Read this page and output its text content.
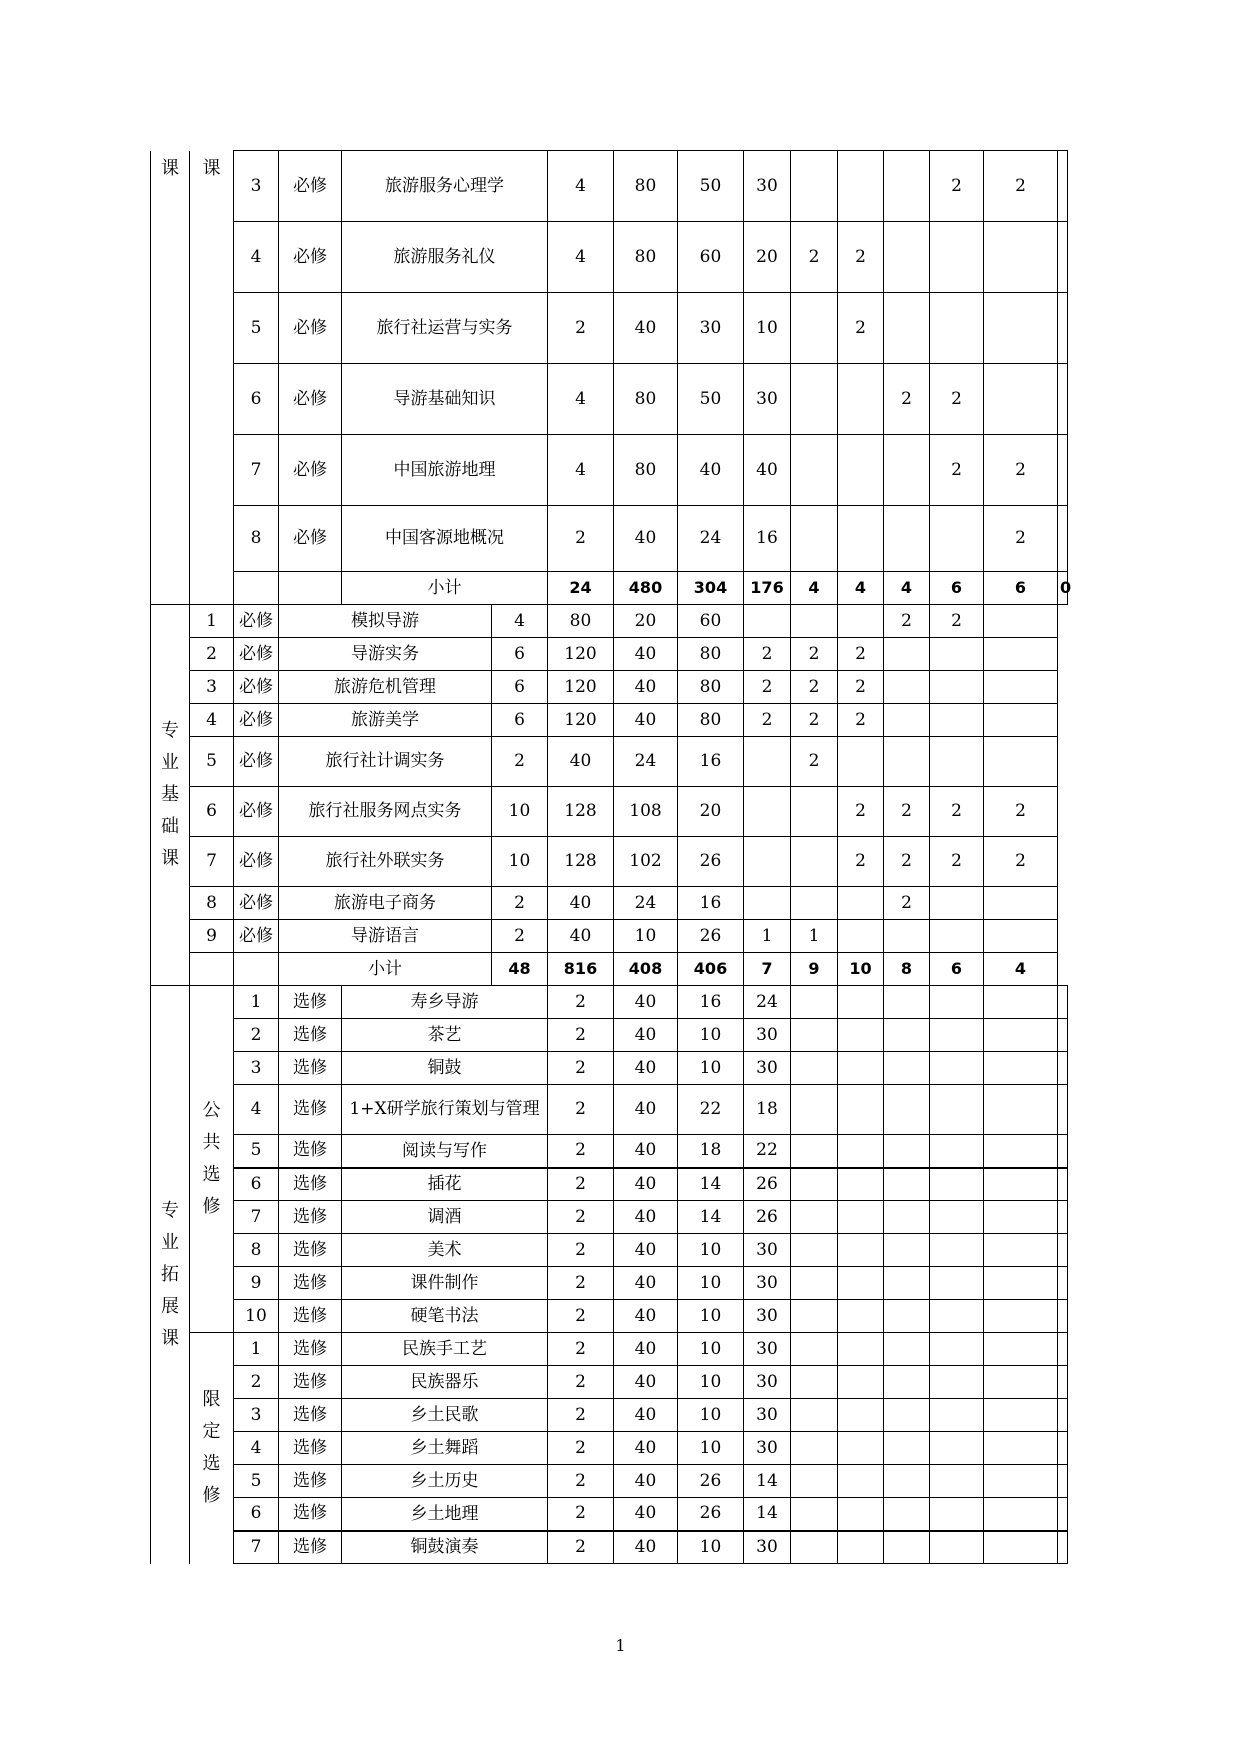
课	课	3	必修	旅游服务心理学		4	80	50	30				2	2	
		4	必修	旅游服务礼仪		4	80	60	20	2	2				
		5	必修	旅行社运营与实务		2	40	30	10		2				
		6	必修	导游基础知识		4	80	50	30			2	2		
		7	必修	中国旅游地理		4	80	40	40				2	2	
		8	必修	中国客源地概况		2	40	24	16					2	
				小计		24	480	304	176	4	4	4	6	6	0

专
业
基
础
课	1	必修	模拟导游		4	80	20	60				2	2		
	2	必修	导游实务		6	120	40	80	2	2	2				
	3	必修	旅游危机管理		6	120	40	80	2	2	2				
	4	必修	旅游美学		6	120	40	80	2	2	2				
	5	必修	旅行社计调实务		2	40	24	16		2					
	6	必修	旅行社服务网点实务		10	128	108	20			2	2	2	2	
	7	必修	旅行社外联实务		10	128	102	26			2	2	2	2	
	8	必修	旅游电子商务		2	40	24	16				2			
	9	必修	导游语言		2	40	10	26	1	1					
			小计		48	816	408	406	7	9	10	8	6	4	

专
业
拓
展
课	公
共
选
修	1	选修	寿乡导游		2	40	16	24						
		2	选修	茶艺		2	40	10	30						
		3	选修	铜鼓		2	40	10	30						
		4	选修	1+X研学旅行策划与管理		2	40	22	18						
		5	选修	阅读与写作		2	40	18	22						
		6	选修	插花		2	40	14	26						
		7	选修	调酒		2	40	14	26						
		8	选修	美术		2	40	10	30						
		9	选修	课件制作		2	40	10	30						
		10	选修	硬笔书法		2	40	10	30						

	限
定
选
修	1	选修	民族手工艺		2	40	10	30						
		2	选修	民族器乐		2	40	10	30						
		3	选修	乡土民歌		2	40	10	30						
		4	选修	乡土舞蹈		2	40	10	30						
		5	选修	乡土历史		2	40	26	14						
		6	选修	乡土地理		2	40	26	14						
		7	选修	铜鼓演奏		2	40	10	30						
1
